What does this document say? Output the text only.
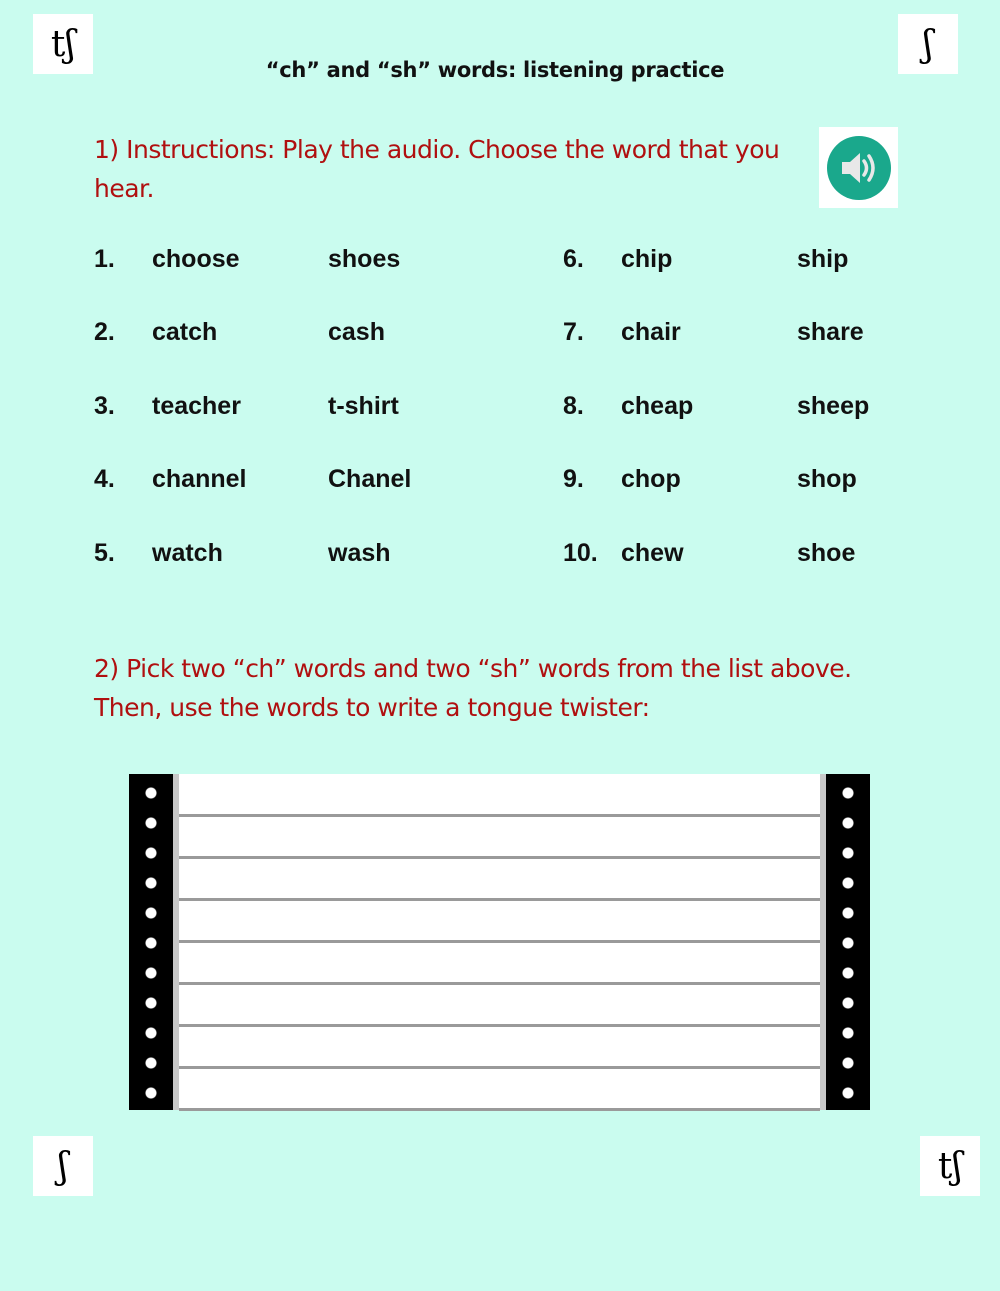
tʃ	ʃ
ʃ	tʃ
“ch” and “sh” words: listening practice
1) Instructions: Play the audio. Choose the word that you hear.
1. choose	shoes
2. catch	cash
3. teacher	t-shirt
4. channel	Chanel
5. watch	wash
6. chip	ship
7. chair	share
8. cheap	sheep
9. chop	shop
10. chew	shoe
2) Pick two “ch” words and two “sh” words from the list above. Then, use the words to write a tongue twister:
